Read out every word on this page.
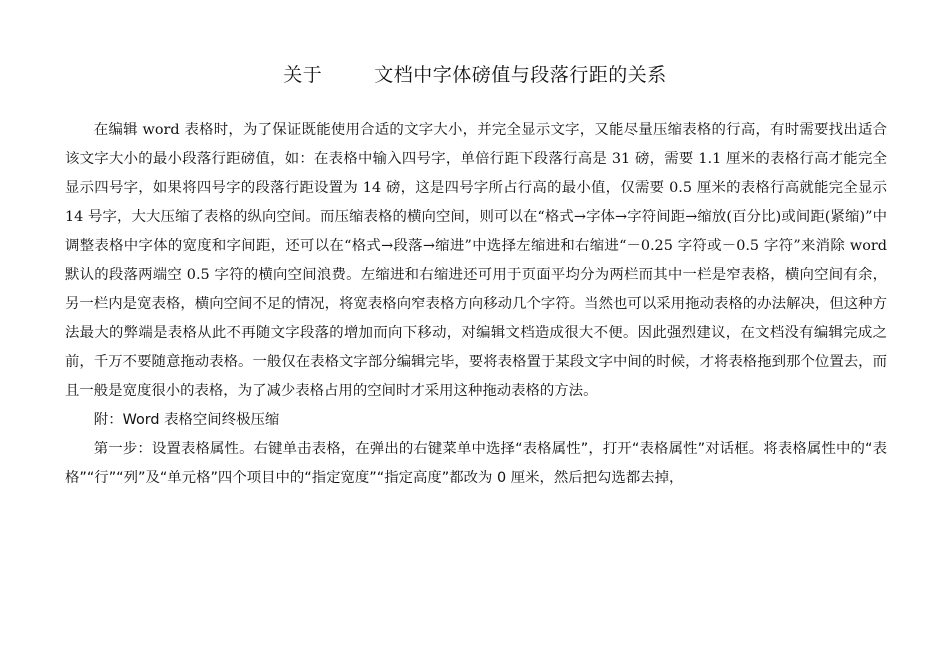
关于	文档中字体磅值与段落行距的关系

在编辑 word 表格时，为了保证既能使用合适的文字大小，并完全显示文字，又能尽量压缩表格的行高，有时需要找出适合该文字大小的最小段落行距磅值，如：在表格中输入四号字，单倍行距下段落行高是 31 磅，需要 1.1 厘米的表格行高才能完全显示四号字，如果将四号字的段落行距设置为 14 磅，这是四号字所占行高的最小值，仅需要 0.5 厘米的表格行高就能完全显示 14 号字，大大压缩了表格的纵向空间。而压缩表格的横向空间，则可以在“格式→字体→字符间距→缩放(百分比)或间距(紧缩)”中调整表格中字体的宽度和字间距，还可以在“格式→段落→缩进”中选择左缩进和右缩进“－0.25 字符或－0.5 字符”来消除 word 默认的段落两端空 0.5 字符的横向空间浪费。左缩进和右缩进还可用于页面平均分为两栏而其中一栏是窄表格，横向空间有余，另一栏内是宽表格，横向空间不足的情况，将宽表格向窄表格方向移动几个字符。当然也可以采用拖动表格的办法解决，但这种方法最大的弊端是表格从此不再随文字段落的增加而向下移动，对编辑文档造成很大不便。因此强烈建议，在文档没有编辑完成之前，千万不要随意拖动表格。一般仅在表格文字部分编辑完毕，要将表格置于某段文字中间的时候，才将表格拖到那个位置去，而且一般是宽度很小的表格，为了减少表格占用的空间时才采用这种拖动表格的方法。

附：Word 表格空间终极压缩

第一步：设置表格属性。右键单击表格，在弹出的右键菜单中选择“表格属性”，打开“表格属性”对话框。将表格属性中的“表格”“行”“列”及“单元格”四个项目中的“指定宽度”“指定高度”都改为 0 厘米，然后把勾选都去掉，
